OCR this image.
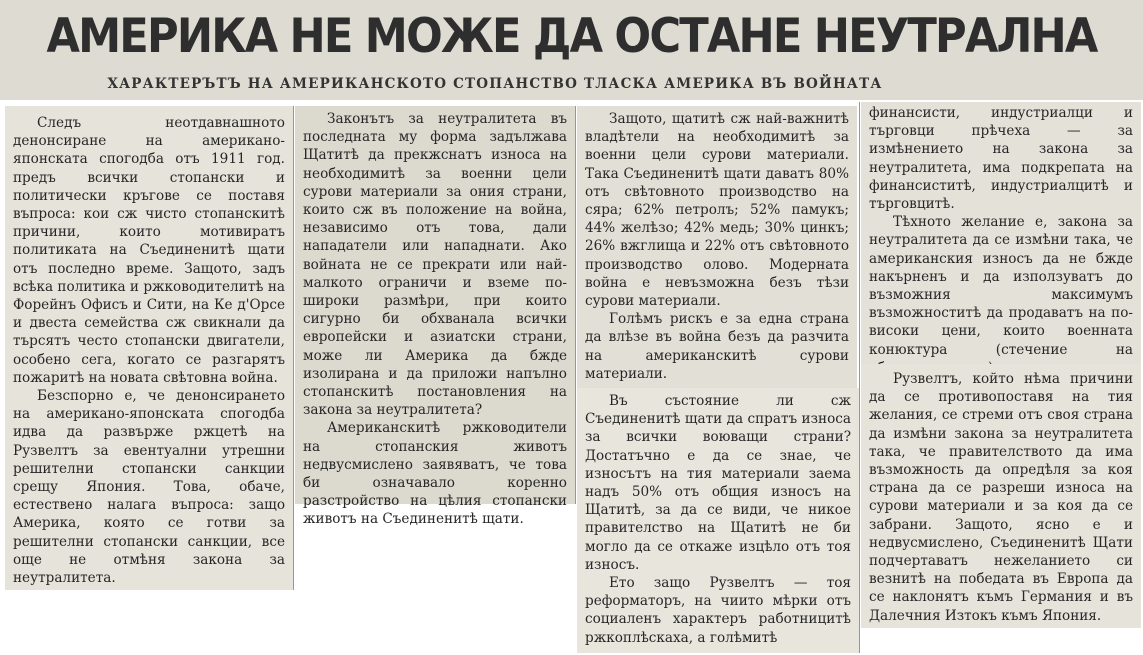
АМЕРИКА НЕ МОЖЕ ДА ОСТАНЕ НЕУТРАЛНА
ХАРАКТЕРЪТЪ НА АМЕРИКАНСКОТО СТОПАНСТВО ТЛАСКА АМЕРИКА ВЪ ВОЙНАТА

Следъ неотдавнашното денонсиране на американо-японската спогодба отъ 1911 год. предъ всички стопански и политически кръгове се поставя въпроса: кои сж чисто стопанскитѣ причини, които мотивиратъ политиката на Съединенитѣ щати отъ последно време. Защото, задъ всѣка политика и ржководителитѣ на Форейнъ Офисъ и Сити, на Ке д'Орсе и двеста семейства сж свикнали да търсятъ често стопански двигатели, особено сега, когато се разгарятъ пожаритѣ на новата свѣтовна война.

Безспорно е, че денонсирането на американо-японската спогодба идва да развърже ржцетѣ на Рузвелтъ за евентуални утрешни решителни стопански санкции срещу Япония. Това, обаче, естествено налага въпроса: защо Америка, която се готви за решителни стопански санкции, все още не отмѣня закона за неутралитета.

Законътъ за неутралитета въ последната му форма задължава Щатитѣ да прекжснатъ износа на необходимитѣ за военни цели сурови материали за ония страни, които сж въ положение на война, независимо отъ това, дали нападатели или нападнати. Ако войната не се прекрати или най-малкото ограничи и вземе по-широки размѣри, при които сигурно би обхванала всички европейски и азиатски страни, може ли Америка да бжде изолирана и да приложи напълно стопанскитѣ постановления на закона за неутралитета?

Американскитѣ ржководители на стопанския животъ недвусмислено заявяватъ, че това би означавало коренно разстройство на цѣлия стопански животъ на Съединенитѣ щати.

Защото, щатитѣ сж най-важнитѣ владѣтели на необходимитѣ за военни цели сурови материали. Така Съединенитѣ щати даватъ 80% отъ свѣтовното производство на сяра; 62% петролъ; 52% памукъ; 44% желѣзо; 42% медь; 30% цинкъ; 26% вжглища и 22% отъ свѣтовното производство олово. Модерната война е невъзможна безъ тѣзи сурови материали.

Голѣмъ рискъ е за една страна да влѣзе въ война безъ да разчита на американскитѣ сурови материали.

Въ състояние ли сж Съединенитѣ щати да спратъ износа за всички воюващи страни? Достатъчно е да се знае, че износътъ на тия материали заема надъ 50% отъ общия износъ на Щатитѣ, за да се види, че никое правителство на Щатитѣ не би могло да се откаже изцѣло отъ тоя износъ.

Ето защо Рузвелтъ — тоя реформаторъ, на чиито мѣрки отъ социаленъ характеръ работницитѣ ржкоплѣскаха, а голѣмитѣ

финансисти, индустриалци и търговци прѣчеха — за измѣнението на закона за неутралитета, има подкрепата на финансиститѣ, индустриалцитѣ и търговцитѣ.

Тѣхното желание е, закона за неутралитета да се измѣни така, че американския износъ да не бжде накърненъ и да използуватъ до възможния максимумъ възможноститѣ да продаватъ на по-високи цени, които военната конюктура (стечение на

Рузвелтъ, който нѣма причини да се противопоставя на тия желания, се стреми отъ своя страна да измѣни закона за неутралитета така, че правителството да има възможность да опредѣля за коя страна да се разреши износа на сурови материали и за коя да се забрани. Защото, ясно е и недвусмислено, Съединенитѣ Щати подчертаватъ нежеланието си везнитѣ на победата въ Европа да се наклонятъ къмъ Германия и въ Далечния Изтокъ къмъ Япония.
